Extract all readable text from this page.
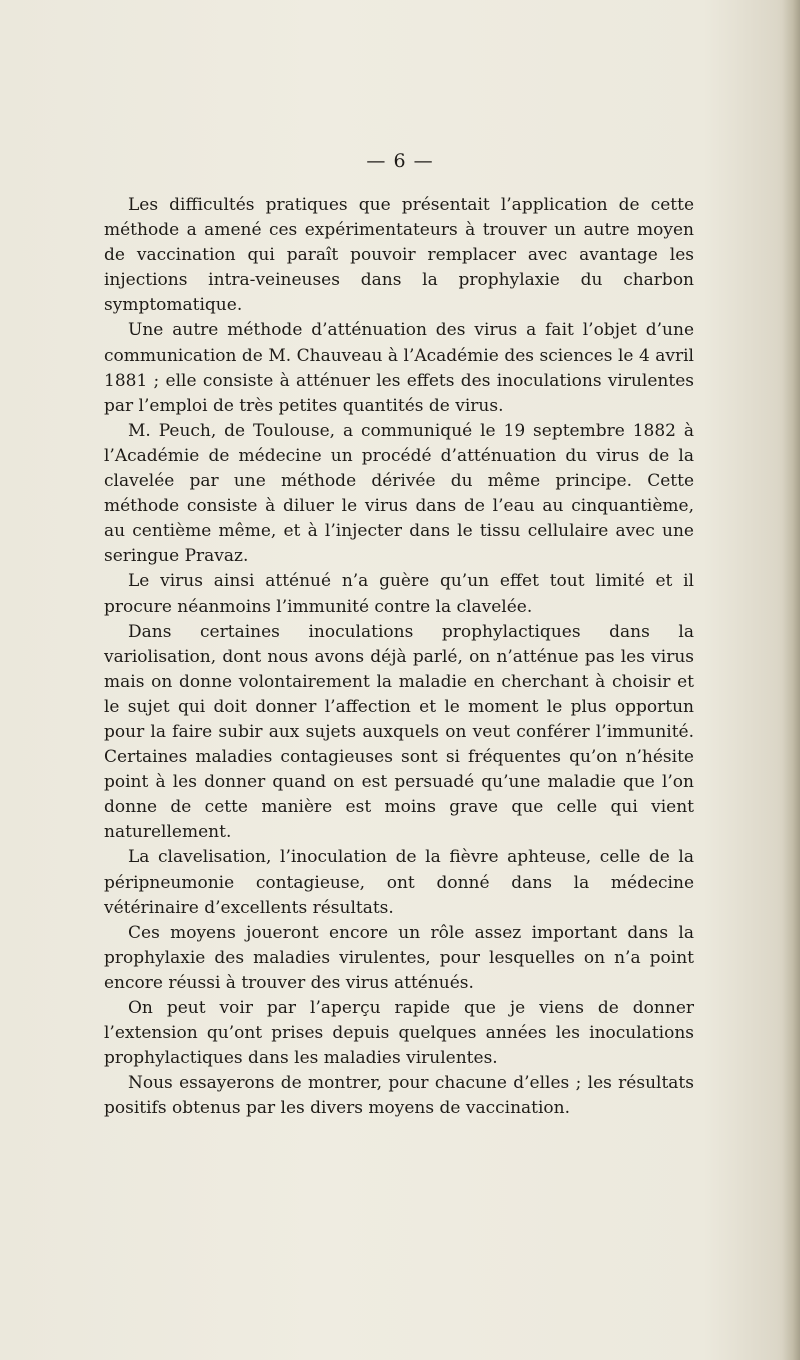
— 6 —

Les difficultés pratiques que présentait l’application de cette méthode a amené ces expérimentateurs à trouver un autre moyen de vaccination qui paraît pouvoir remplacer avec avantage les injections intra-veineuses dans la prophylaxie du charbon symptomatique.

Une autre méthode d’atténuation des virus a fait l’objet d’une communication de M. Chauveau à l’Académie des sciences le 4 avril 1881 ; elle consiste à atténuer les effets des inoculations virulentes par l’emploi de très petites quantités de virus.

M. Peuch, de Toulouse, a communiqué le 19 septembre 1882 à l’Académie de médecine un procédé d’atténuation du virus de la clavelée par une méthode dérivée du même principe. Cette méthode consiste à diluer le virus dans de l’eau au cinquantième, au centième même, et à l’injecter dans le tissu cellulaire avec une seringue Pravaz.

Le virus ainsi atténué n’a guère qu’un effet tout limité et il procure néanmoins l’immunité contre la clavelée.

Dans certaines inoculations prophylactiques dans la variolisation, dont nous avons déjà parlé, on n’atténue pas les virus mais on donne volontairement la maladie en cherchant à choisir et le sujet qui doit donner l’affection et le moment le plus opportun pour la faire subir aux sujets auxquels on veut conférer l’immunité. Certaines maladies contagieuses sont si fréquentes qu’on n’hésite point à les donner quand on est persuadé qu’une maladie que l’on donne de cette manière est moins grave que celle qui vient naturellement.

La clavelisation, l’inoculation de la fièvre aphteuse, celle de la péripneumonie contagieuse, ont donné dans la médecine vétérinaire d’excellents résultats.

Ces moyens joueront encore un rôle assez important dans la prophylaxie des maladies virulentes, pour lesquelles on n’a point encore réussi à trouver des virus atténués.

On peut voir par l’aperçu rapide que je viens de donner l’extension qu’ont prises depuis quelques années les inoculations prophylactiques dans les maladies virulentes.

Nous essayerons de montrer, pour chacune d’elles ; les résultats positifs obtenus par les divers moyens de vaccination.
